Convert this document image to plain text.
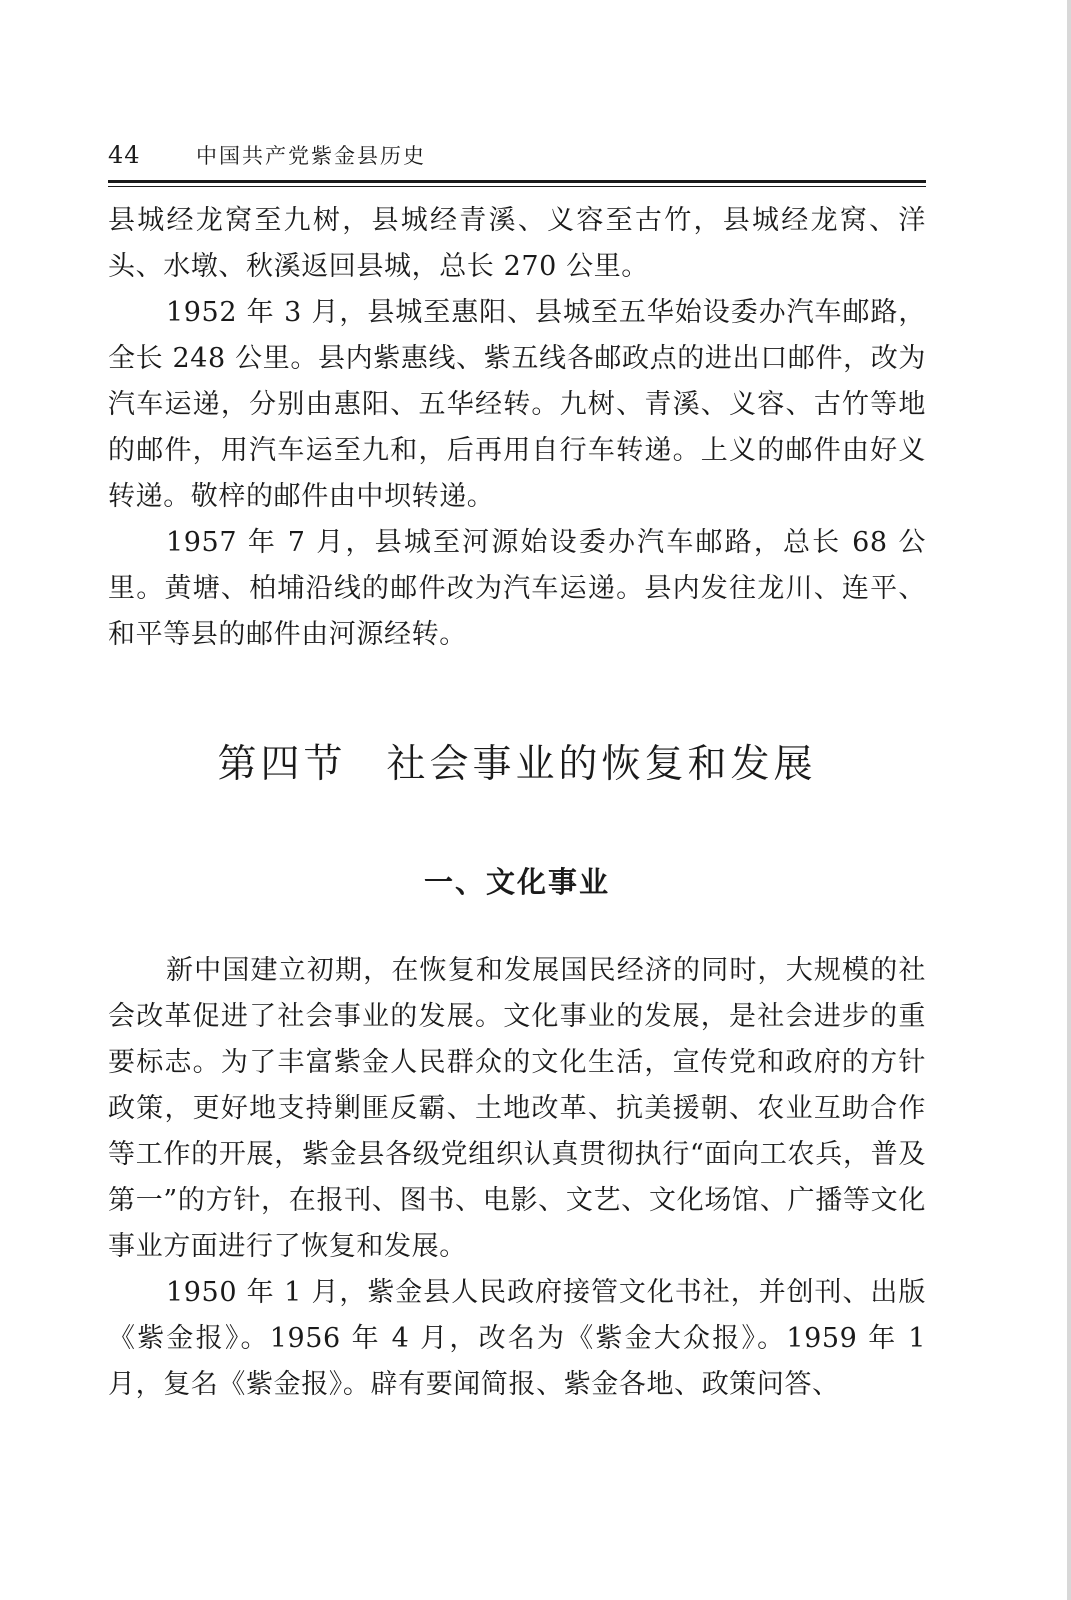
44	中国共产党紫金县历史

县城经龙窝至九树，县城经青溪、义容至古竹，县城经龙窝、洋头、水墩、秋溪返回县城，总长 270 公里。

1952 年 3 月，县城至惠阳、县城至五华始设委办汽车邮路，全长 248 公里。县内紫惠线、紫五线各邮政点的进出口邮件，改为汽车运递，分别由惠阳、五华经转。九树、青溪、义容、古竹等地的邮件，用汽车运至九和，后再用自行车转递。上义的邮件由好义转递。敬梓的邮件由中坝转递。

1957 年 7 月，县城至河源始设委办汽车邮路，总长 68 公里。黄塘、柏埔沿线的邮件改为汽车运递。县内发往龙川、连平、和平等县的邮件由河源经转。

第四节 社会事业的恢复和发展
一、文化事业

新中国建立初期，在恢复和发展国民经济的同时，大规模的社会改革促进了社会事业的发展。文化事业的发展，是社会进步的重要标志。为了丰富紫金人民群众的文化生活，宣传党和政府的方针政策，更好地支持剿匪反霸、土地改革、抗美援朝、农业互助合作等工作的开展，紫金县各级党组织认真贯彻执行“面向工农兵，普及第一”的方针，在报刊、图书、电影、文艺、文化场馆、广播等文化事业方面进行了恢复和发展。

1950 年 1 月，紫金县人民政府接管文化书社，并创刊、出版《紫金报》。1956 年 4 月，改名为《紫金大众报》。1959 年 1 月，复名《紫金报》。辟有要闻简报、紫金各地、政策问答、
